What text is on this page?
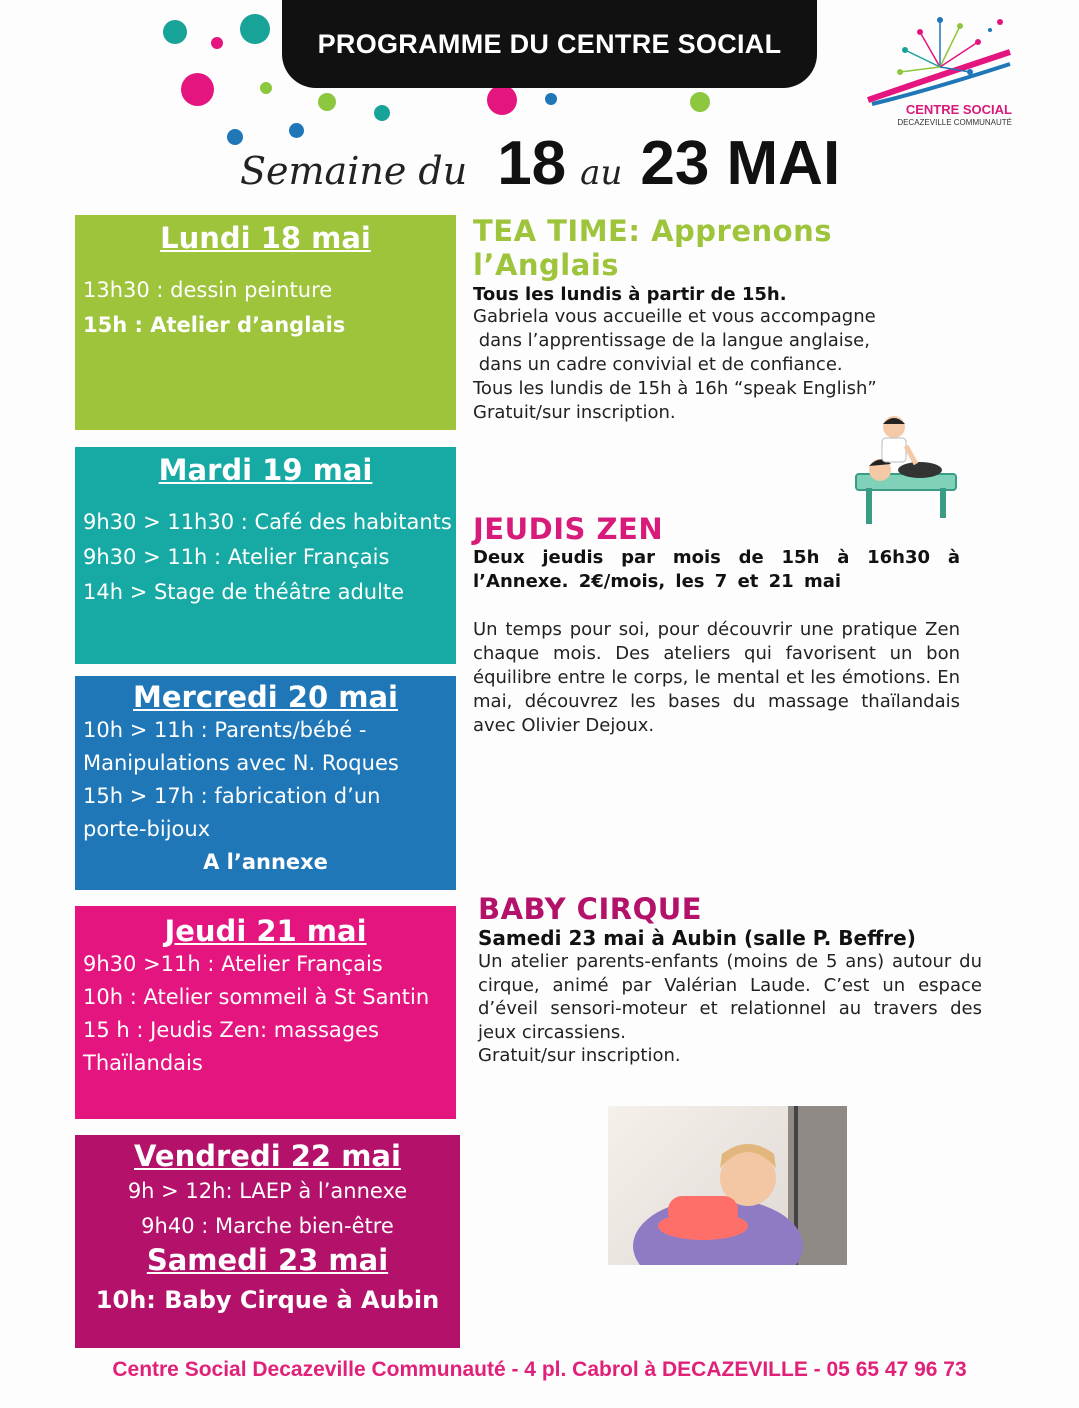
PROGRAMME DU CENTRE SOCIAL
CENTRE SOCIAL
DECAZEVILLE COMMUNAUTÉ
Semaine du 18 au 23 MAI
Lundi 18 mai
13h30 : dessin peinture
15h : Atelier d’anglais
Mardi 19 mai
9h30 > 11h30 : Café des habitants
9h30 > 11h : Atelier Français
14h > Stage de théâtre adulte
Mercredi 20 mai
10h > 11h : Parents/bébé -
Manipulations avec N. Roques
15h > 17h : fabrication d’un
porte-bijoux
A l’annexe
Jeudi 21 mai
9h30 >11h : Atelier Français
10h : Atelier sommeil à St Santin
15 h : Jeudis Zen: massages
Thaïlandais
Vendredi 22 mai
9h > 12h: LAEP à l’annexe
9h40 : Marche bien-être
Samedi 23 mai
10h: Baby Cirque à Aubin
TEA TIME: Apprenons l’Anglais
Tous les lundis à partir de 15h.
Gabriela vous accueille et vous accompagne
dans l’apprentissage de la langue anglaise,
dans un cadre convivial et de confiance.
Tous les lundis de 15h à 16h “speak English”
Gratuit/sur inscription.
JEUDIS ZEN
Deux jeudis par mois de 15h à 16h30 à l’Annexe. 2€/mois, les 7 et 21 mai
Un temps pour soi, pour découvrir une pratique Zen chaque mois. Des ateliers qui favorisent un bon équilibre entre le corps, le mental et les émotions. En mai, découvrez les bases du massage thaïlandais avec Olivier Dejoux.
BABY CIRQUE
Samedi 23 mai à Aubin (salle P. Beffre)
Un atelier parents-enfants (moins de 5 ans) autour du cirque, animé par Valérian Laude. C’est un espace d’éveil sensori-moteur et relationnel au travers des jeux circassiens.
Gratuit/sur inscription.
Centre Social Decazeville Communauté - 4 pl. Cabrol à DECAZEVILLE - 05 65 47 96 73
